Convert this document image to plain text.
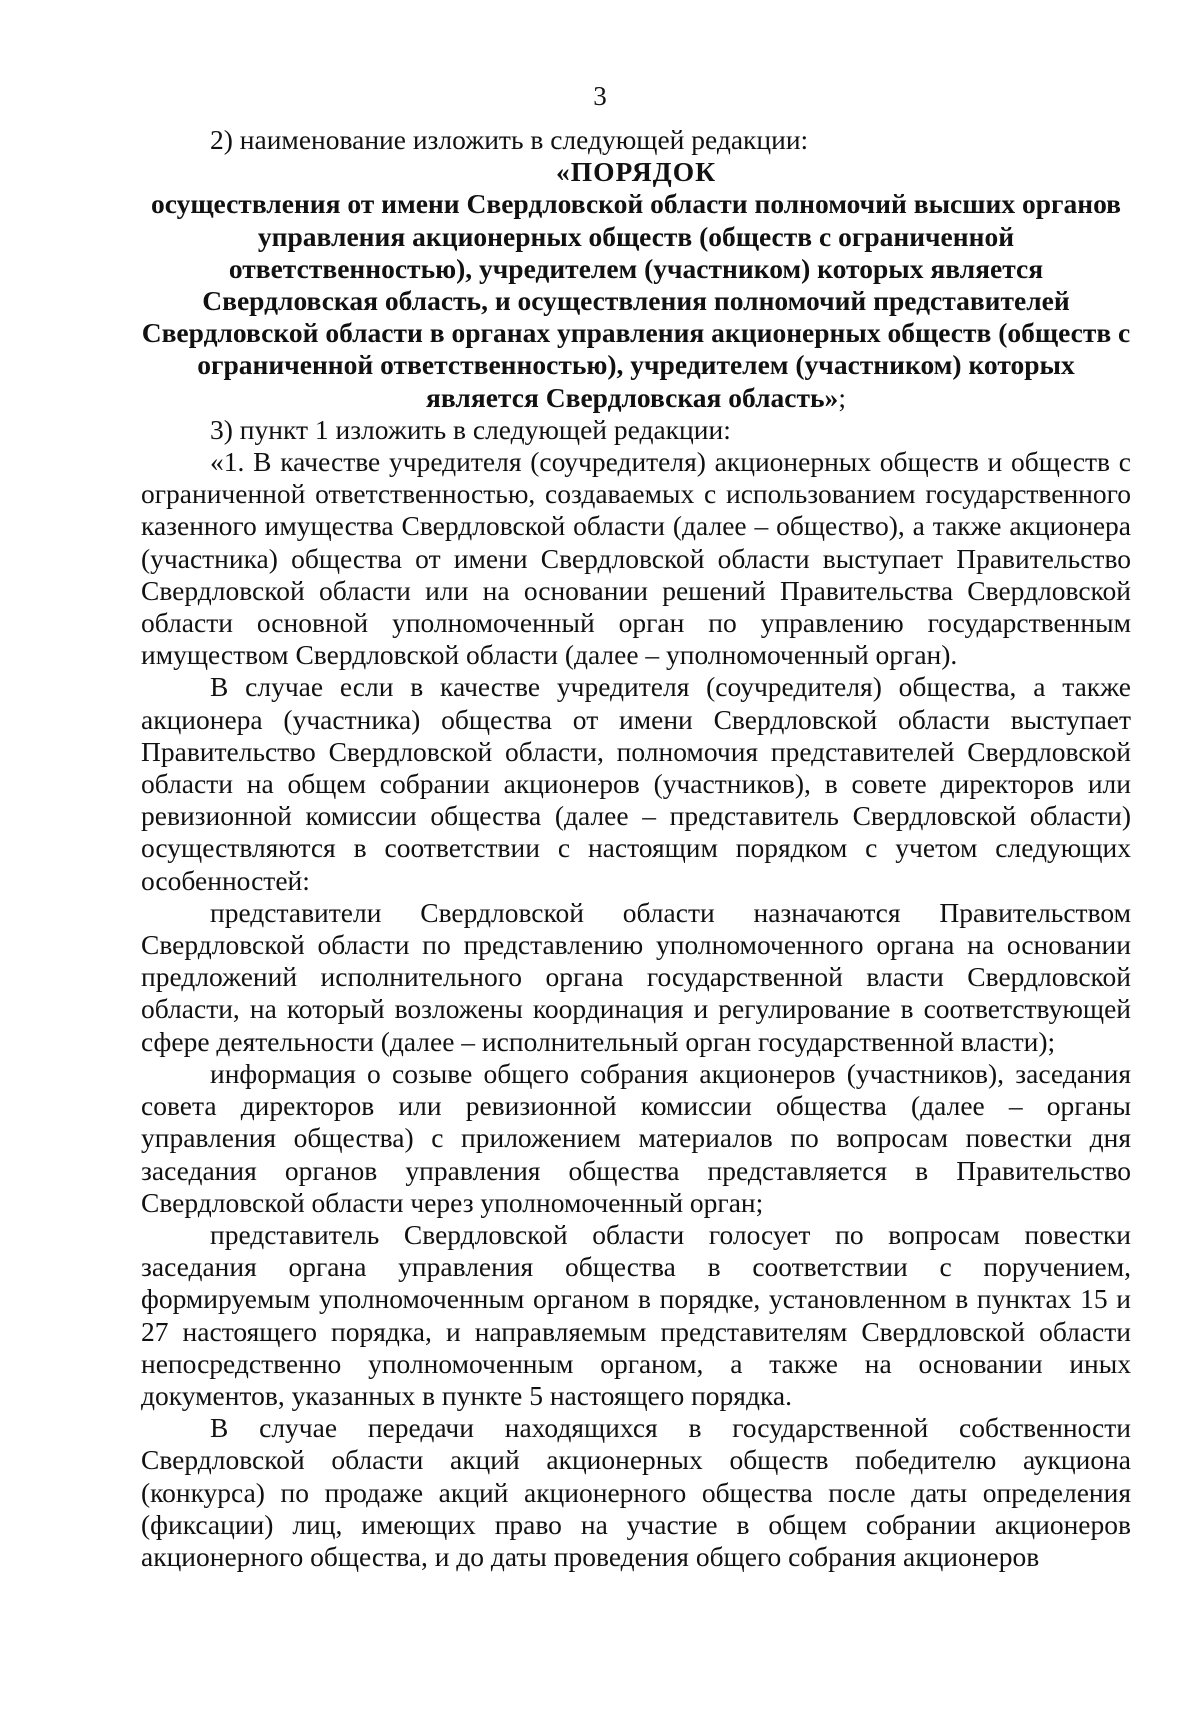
3

2) наименование изложить в следующей редакции:

«ПОРЯДОК

осуществления от имени Свердловской области полномочий высших органов управления акционерных обществ (обществ с ограниченной ответственностью), учредителем (участником) которых является Свердловская область, и осуществления полномочий представителей Свердловской области в органах управления акционерных обществ (обществ с ограниченной ответственностью), учредителем (участником) которых является Свердловская область»;

3) пункт 1 изложить в следующей редакции:

«1. В качестве учредителя (соучредителя) акционерных обществ и обществ с ограниченной ответственностью, создаваемых с использованием государственного казенного имущества Свердловской области (далее – общество), а также акционера (участника) общества от имени Свердловской области выступает Правительство Свердловской области или на основании решений Правительства Свердловской области основной уполномоченный орган по управлению государственным имуществом Свердловской области (далее – уполномоченный орган).

В случае если в качестве учредителя (соучредителя) общества, а также акционера (участника) общества от имени Свердловской области выступает Правительство Свердловской области, полномочия представителей Свердловской области на общем собрании акционеров (участников), в совете директоров или ревизионной комиссии общества (далее – представитель Свердловской области) осуществляются в соответствии с настоящим порядком с учетом следующих особенностей:

представители Свердловской области назначаются Правительством Свердловской области по представлению уполномоченного органа на основании предложений исполнительного органа государственной власти Свердловской области, на который возложены координация и регулирование в соответствующей сфере деятельности (далее – исполнительный орган государственной власти);

информация о созыве общего собрания акционеров (участников), заседания совета директоров или ревизионной комиссии общества (далее – органы управления общества) с приложением материалов по вопросам повестки дня заседания органов управления общества представляется в Правительство Свердловской области через уполномоченный орган;

представитель Свердловской области голосует по вопросам повестки заседания органа управления общества в соответствии с поручением, формируемым уполномоченным органом в порядке, установленном в пунктах 15 и 27 настоящего порядка, и направляемым представителям Свердловской области непосредственно уполномоченным органом, а также на основании иных документов, указанных в пункте 5 настоящего порядка.

В случае передачи находящихся в государственной собственности Свердловской области акций акционерных обществ победителю аукциона (конкурса) по продаже акций акционерного общества после даты определения (фиксации) лиц, имеющих право на участие в общем собрании акционеров акционерного общества, и до даты проведения общего собрания акционеров
